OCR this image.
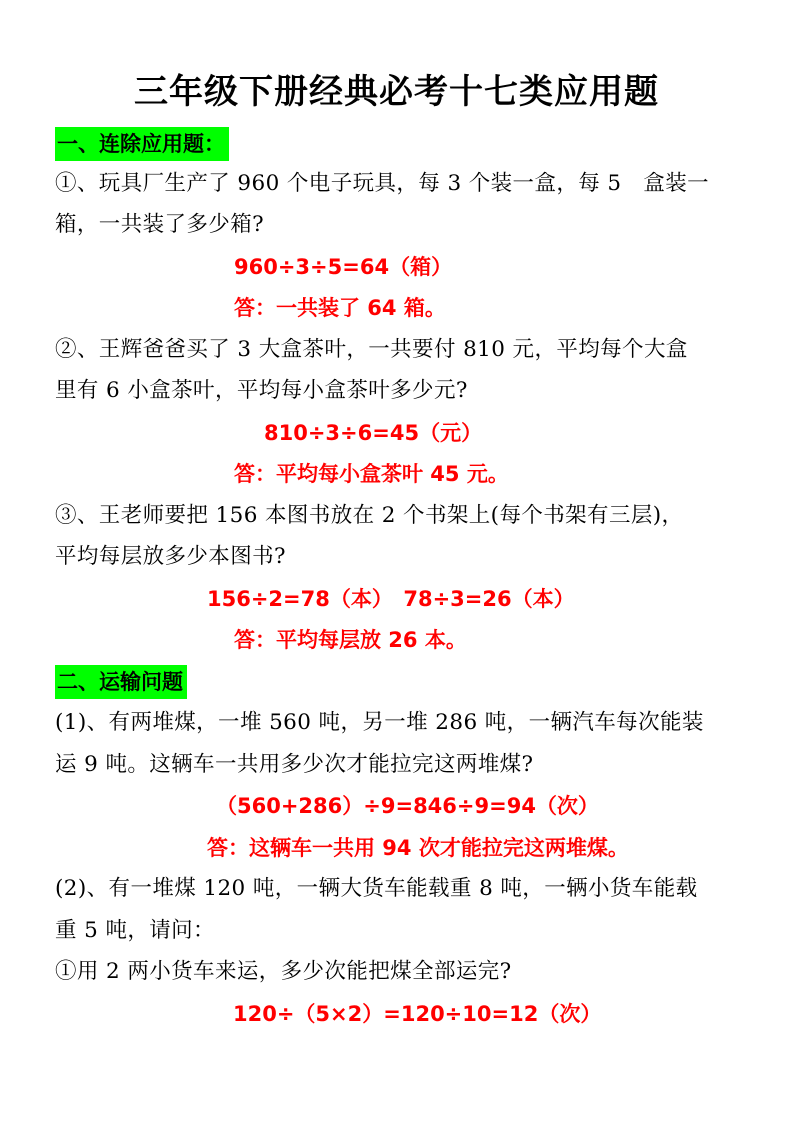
三年级下册经典必考十七类应用题
一、连除应用题：
①、玩具厂生产了 960 个电子玩具，每 3 个装一盒，每 5　盒装一
箱，一共装了多少箱?
960÷3÷5=64（箱）
答：一共装了 64 箱。
②、王辉爸爸买了 3 大盒茶叶，一共要付 810 元，平均每个大盒
里有 6 小盒茶叶，平均每小盒茶叶多少元?
810÷3÷6=45（元）
答：平均每小盒茶叶 45 元。
③、王老师要把 156 本图书放在 2 个书架上(每个书架有三层)，
平均每层放多少本图书?
156÷2=78（本）　78÷3=26（本）
答：平均每层放 26 本。
二、运输问题
(1)、有两堆煤，一堆 560 吨，另一堆 286 吨，一辆汽车每次能装
运 9 吨。这辆车一共用多少次才能拉完这两堆煤?
（560+286）÷9=846÷9=94（次）
答：这辆车一共用 94 次才能拉完这两堆煤。
(2)、有一堆煤 120 吨，一辆大货车能载重 8 吨，一辆小货车能载
重 5 吨，请问：
①用 2 两小货车来运，多少次能把煤全部运完?
120÷（5×2）=120÷10=12（次）
